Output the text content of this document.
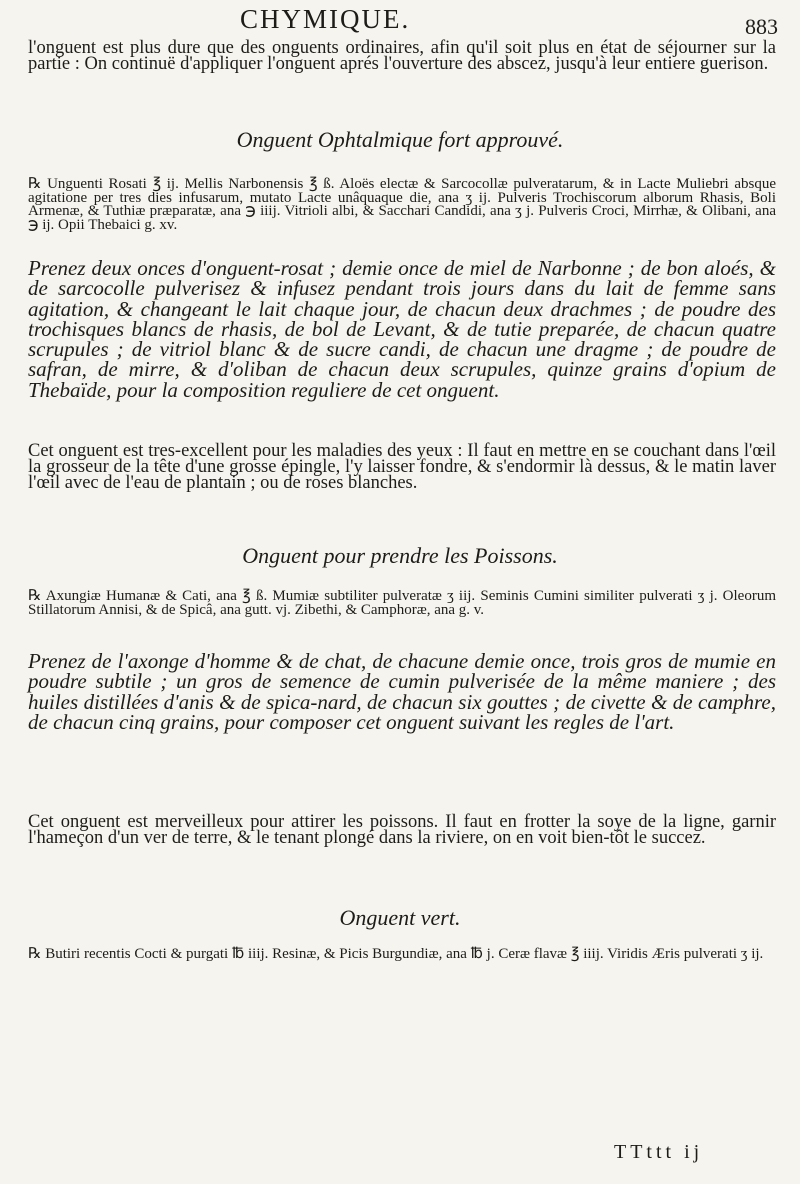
CHYMIQUE.	883

l'onguent est plus dure que des onguents ordinaires, afin qu'il soit plus en état de séjourner sur la partie : On continuë d'appliquer l'onguent aprés l'ouverture des abscez, jusqu'à leur entiere guerison.

Onguent Ophtalmique fort approuvé.

℞ Unguenti Rosati ℥ ij. Mellis Narbonensis ℥ ß. Aloës electæ & Sarcocollæ pulveratarum, & in Lacte Muliebri absque agitatione per tres dies infusarum, mutato Lacte unâquaque die, ana ʒ ij. Pulveris Trochiscorum alborum Rhasis, Boli Armenæ, & Tuthiæ præparatæ, ana ℈ iiij. Vitrioli albi, & Sacchari Candidi, ana ʒ j. Pulveris Croci, Mirrhæ, & Olibani, ana ℈ ij. Opii Thebaici g. xv.

Prenez deux onces d'onguent-rosat ; demie once de miel de Narbonne ; de bon aloés, & de sarcocolle pulverisez & infusez pendant trois jours dans du lait de femme sans agitation, & changeant le lait chaque jour, de chacun deux drachmes ; de poudre des trochisques blancs de rhasis, de bol de Levant, & de tutie preparée, de chacun quatre scrupules ; de vitriol blanc & de sucre candi, de chacun une dragme ; de poudre de safran, de mirre, & d'oliban de chacun deux scrupules, quinze grains d'opium de Thebaïde, pour la composition reguliere de cet onguent.

Cet onguent est tres-excellent pour les maladies des yeux : Il faut en mettre en se couchant dans l'œil la grosseur de la tête d'une grosse épingle, l'y laisser fondre, & s'endormir là dessus, & le matin laver l'œil avec de l'eau de plantain ; ou de roses blanches.

Onguent pour prendre les Poissons.

℞ Axungiæ Humanæ & Cati, ana ℥ ß. Mumiæ subtiliter pulveratæ ʒ iij. Seminis Cumini similiter pulverati ʒ j. Oleorum Stillatorum Annisi, & de Spicâ, ana gutt. vj. Zibethi, & Camphoræ, ana g. v.

Prenez de l'axonge d'homme & de chat, de chacune demie once, trois gros de mumie en poudre subtile ; un gros de semence de cumin pulverisée de la même maniere ; des huiles distillées d'anis & de spica-nard, de chacun six gouttes ; de civette & de camphre, de chacun cinq grains, pour composer cet onguent suivant les regles de l'art.

Cet onguent est merveilleux pour attirer les poissons. Il faut en frotter la soye de la ligne, garnir l'hameçon d'un ver de terre, & le tenant plongé dans la riviere, on en voit bien-tôt le succez.

Onguent vert.

℞ Butiri recentis Cocti & purgati ℔ iiij. Resinæ, & Picis Burgundiæ, ana ℔ j. Ceræ flavæ ℥ iiij. Viridis Æris pulverati ʒ ij.

TTttt ij
